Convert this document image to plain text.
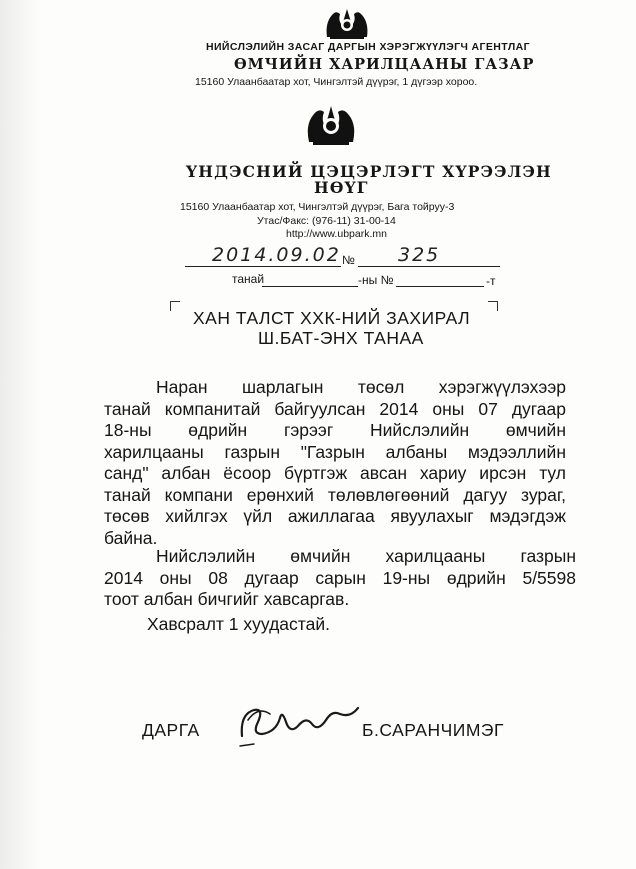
НИЙСЛЭЛИЙН ЗАСАГ ДАРГЫН ХЭРЭГЖҮҮЛЭГЧ АГЕНТЛАГ
ӨМЧИЙН ХАРИЛЦААНЫ ГАЗАР
15160 Улаанбаатар хот, Чингэлтэй дүүрэг, 1 дүгээр хороо.
ҮНДЭСНИЙ ЦЭЦЭРЛЭГТ ХҮРЭЭЛЭН
НӨҮГ
15160 Улаанбаатар хот, Чингэлтэй дүүрэг, Бага тойруу-3
Утас/Факс: (976-11) 31-00-14
http://www.ubpark.mn
2014.09.02 № 325
танай	-ны №	-т
ХАН ТАЛСТ ХХК-НИЙ ЗАХИРАЛ
Ш.БАТ-ЭНХ ТАНАА
Наран шарлагын төсөл хэрэгжүүлэхээр
танай компанитай байгуулсан 2014 оны 07 дугаар
18-ны өдрийн гэрээг Нийслэлийн өмчийн
харилцааны газрын "Газрын албаны мэдээллийн
санд" албан ёсоор бүртгэж авсан хариу ирсэн тул
танай компани ерөнхий төлөвлөгөөний дагуу зураг,
төсөв хийлгэх үйл ажиллагаа явуулахыг мэдэгдэж
байна.
Нийслэлийн өмчийн харилцааны газрын
2014 оны 08 дугаар сарын 19-ны өдрийн 5/5598
тоот албан бичгийг хавсаргав.
Хавсралт 1 хуудастай.
ДАРГА	Б.САРАНЧИМЭГ
